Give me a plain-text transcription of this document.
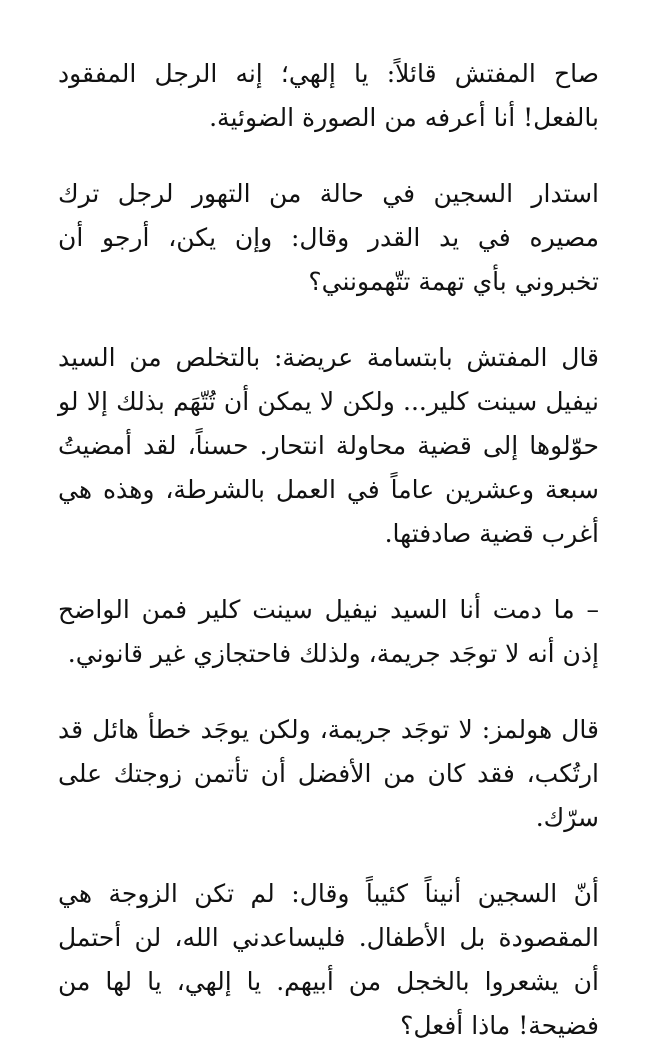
صاح المفتش قائلاً: يا إلهي؛ إنه الرجل المفقود بالفعل! أنا أعرفه من الصورة الضوئية.

استدار السجين في حالة من التهور لرجل ترك مصيره في يد القدر وقال: وإن يكن، أرجو أن تخبروني بأي تهمة تتّهمونني؟

قال المفتش بابتسامة عريضة: بالتخلص من السيد نيفيل سينت كلير... ولكن لا يمكن أن تُتّهَم بذلك إلا لو حوّلوها إلى قضية محاولة انتحار. حسناً، لقد أمضيتُ سبعة وعشرين عاماً في العمل بالشرطة، وهذه هي أغرب قضية صادفتها.

– ما دمت أنا السيد نيفيل سينت كلير فمن الواضح إذن أنه لا توجَد جريمة، ولذلك فاحتجازي غير قانوني.

قال هولمز: لا توجَد جريمة، ولكن يوجَد خطأ هائل قد ارتُكب، فقد كان من الأفضل أن تأتمن زوجتك على سرّك.

أنّ السجين أنيناً كئيباً وقال: لم تكن الزوجة هي المقصودة بل الأطفال. فليساعدني الله، لن أحتمل أن يشعروا بالخجل من أبيهم. يا إلهي، يا لها من فضيحة! ماذا أفعل؟
